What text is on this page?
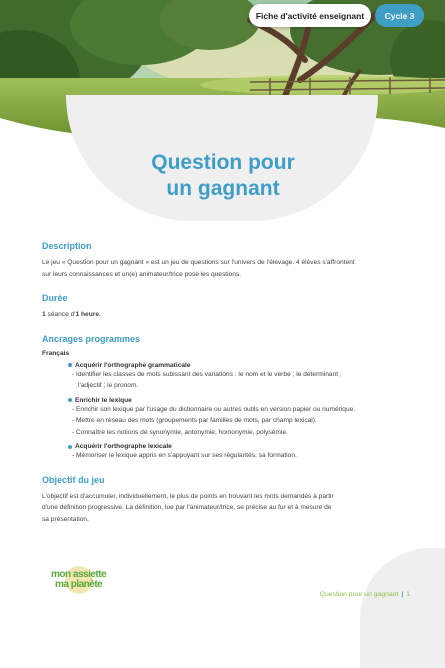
Fiche d'activité enseignant Cycle 3
Question pour
un gagnant
Description

Le jeu « Question pour un gagnant » est un jeu de questions sur l'univers de l'élevage. 4 élèves s'affrontent

sur leurs connaissances et un(e) animateur/trice pose les questions.

Durée

1 séance d'1 heure.

Ancrages programmes
Français
Acquérir l'orthographe grammaticale
- Identifier les classes de mots subissant des variations : le nom et le verbe ; le déterminant ;
l'adjectif ; le pronom.
Enrichir le lexique
- Enrichir son lexique par l'usage du dictionnaire ou autres outils en version papier ou numérique.
- Mettre en réseau des mots (groupements par familles de mots, par champ lexical).
- Connaître les notions de synonymie, antonymie, homonymie, polysémie.
Acquérir l'orthographe lexicale
- Mémoriser le lexique appris en s'appuyant sur ses régularités, sa formation.
Objectif du jeu

L'objectif est d'accumuler, individuellement, le plus de points en trouvant les mots demandés à partir

d'une définition progressive. La définition, lue par l'animateur/trice, se précise au fur et à mesure de

sa présentation.

mon assiette
ma planète
Question pour un gagnant | 1
